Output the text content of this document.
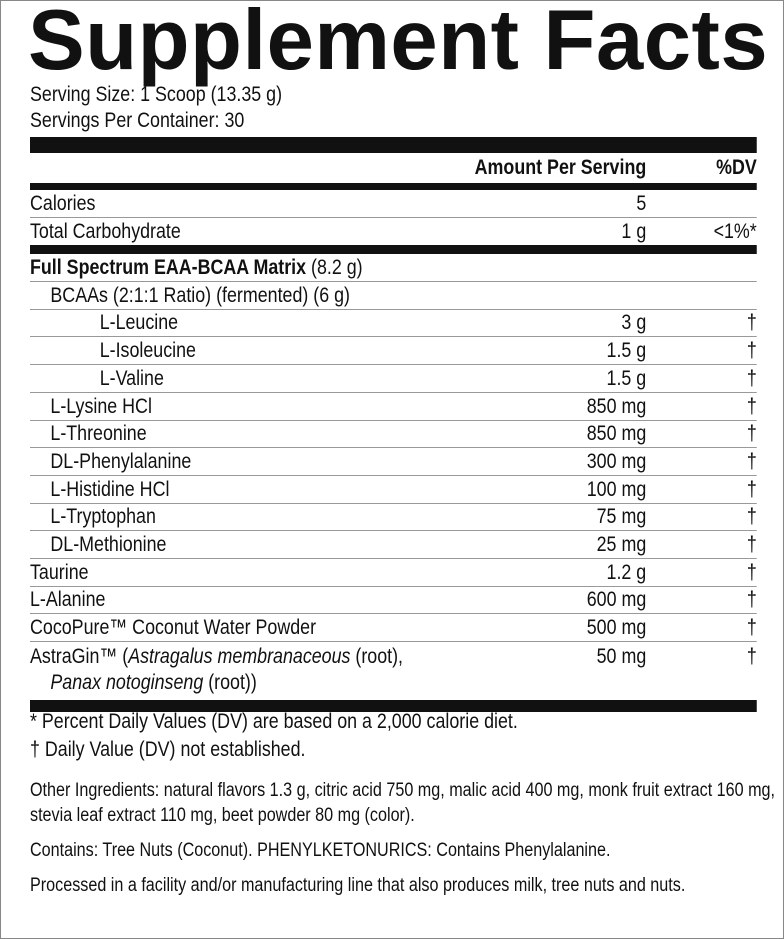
Supplement Facts
Serving Size: 1 Scoop (13.35 g)
Servings Per Container: 30
Amount Per Serving	%DV
Calories	5
Total Carbohydrate	1 g	<1%*
Full Spectrum EAA-BCAA Matrix (8.2 g)
BCAAs (2:1:1 Ratio) (fermented) (6 g)
L-Leucine	3 g	†
L-Isoleucine	1.5 g	†
L-Valine	1.5 g	†
L-Lysine HCl	850 mg	†
L-Threonine	850 mg	†
DL-Phenylalanine	300 mg	†
L-Histidine HCl	100 mg	†
L-Tryptophan	75 mg	†
DL-Methionine	25 mg	†
Taurine	1.2 g	†
L-Alanine	600 mg	†
CocoPure™ Coconut Water Powder	500 mg	†
AstraGin™ (Astragalus membranaceous (root),
Panax notoginseng (root))
50 mg	†

* Percent Daily Values (DV) are based on a 2,000 calorie diet.

† Daily Value (DV) not established.

Other Ingredients: natural flavors 1.3 g, citric acid 750 mg, malic acid 400 mg, monk fruit extract 160 mg, stevia leaf extract 110 mg, beet powder 80 mg (color).

Contains: Tree Nuts (Coconut). PHENYLKETONURICS: Contains Phenylalanine.

Processed in a facility and/or manufacturing line that also produces milk, tree nuts and nuts.
